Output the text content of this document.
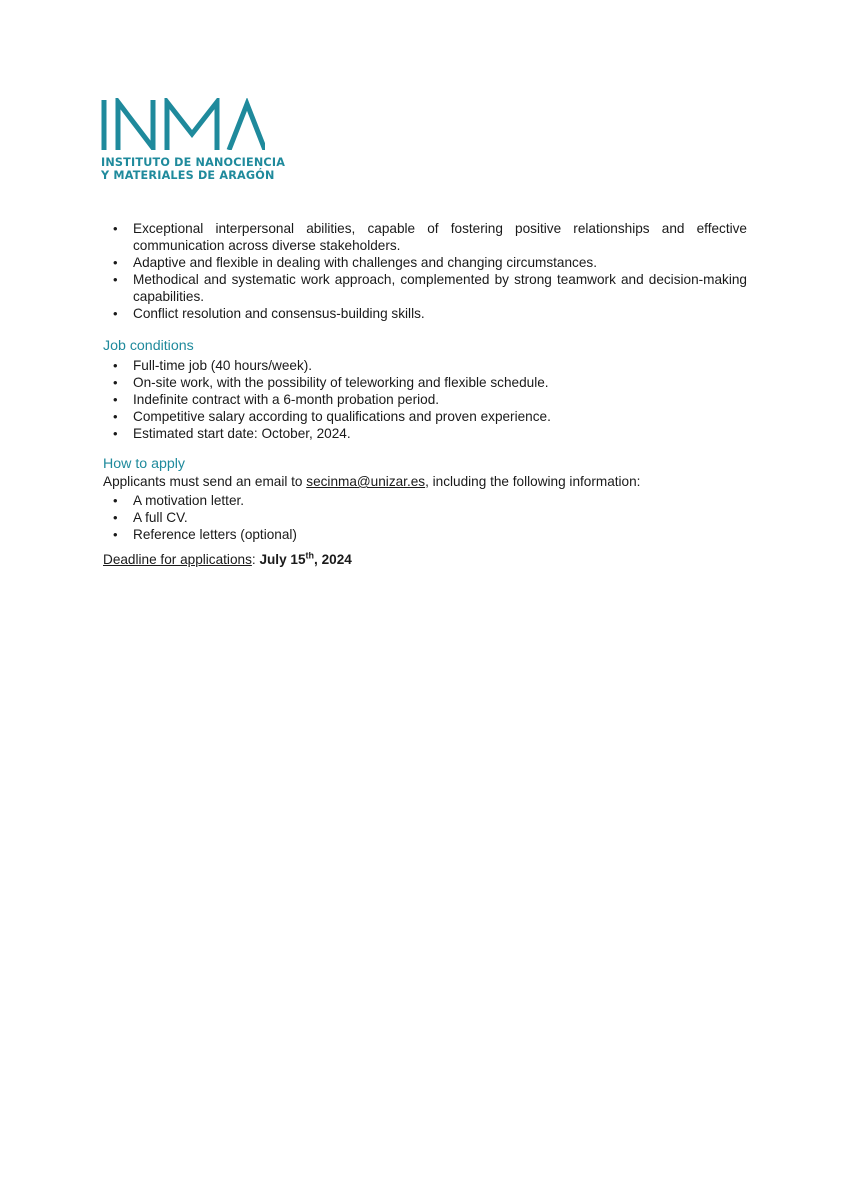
INSTITUTO DE NANOCIENCIA
Y MATERIALES DE ARAGÓN
• Exceptional interpersonal abilities, capable of fostering positive relationships and effective communication across diverse stakeholders.
• Adaptive and flexible in dealing with challenges and changing circumstances.
• Methodical and systematic work approach, complemented by strong teamwork and decision-making capabilities.
• Conflict resolution and consensus-building skills.

Job conditions

• Full-time job (40 hours/week).
• On-site work, with the possibility of teleworking and flexible schedule.
• Indefinite contract with a 6-month probation period.
• Competitive salary according to qualifications and proven experience.
• Estimated start date: October, 2024.

How to apply

Applicants must send an email to secinma@unizar.es, including the following information:

• A motivation letter.
• A full CV.
• Reference letters (optional)

Deadline for applications: July 15th, 2024
